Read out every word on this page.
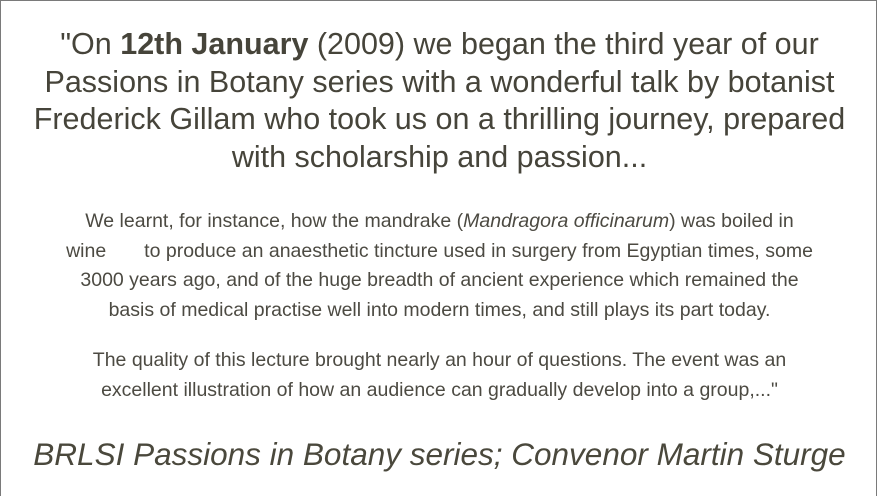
"On 12th January (2009) we began the third year of our
Passions in Botany series with a wonderful talk by botanist
Frederick Gillam who took us on a thrilling journey, prepared
with scholarship and passion...

We learnt, for instance, how the mandrake (Mandragora officinarum) was boiled in
wine to produce an anaesthetic tincture used in surgery from Egyptian times, some
3000 years ago, and of the huge breadth of ancient experience which remained the
basis of medical practise well into modern times, and still plays its part today.

The quality of this lecture brought nearly an hour of questions. The event was an
excellent illustration of how an audience can gradually develop into a group,..."

BRLSI Passions in Botany series; Convenor Martin Sturge
